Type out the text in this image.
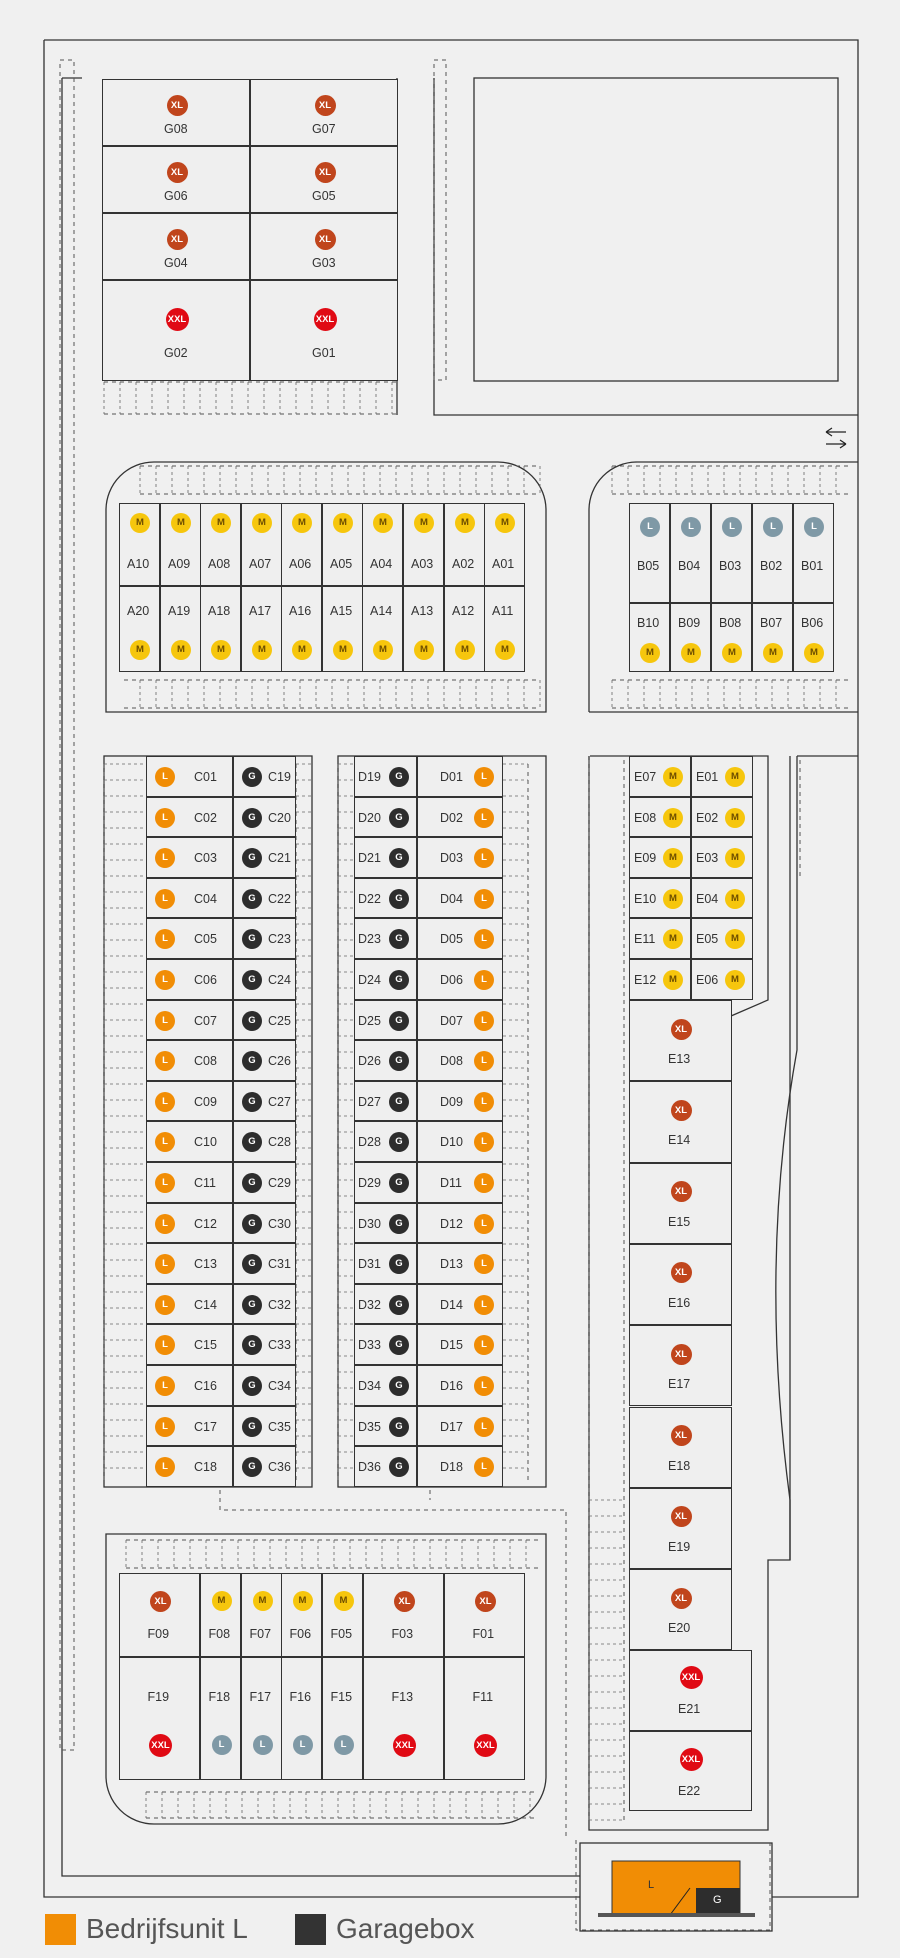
L
G
Bedrijfsunit L	Garagebox
XL
G08
XL
G07
XL
G06
XL
G05
XL
G04
XL
G03
XXL
G02
XXL
G01
M
A10
M
A09
M
A08
M
A07
M
A06
M
A05
M
A04
M
A03
M
A02
M
A01
M
A20
M
A19
M
A18
M
A17
M
A16
M
A15
M
A14
M
A13
M
A12
M
A11
L
B05
L
B04
L
B03
L
B02
L
B01
M
B10
M
B09
M
B08
M
B07
M
B06
L	C01
L	C02
L	C03
L	C04
L	C05
L	C06
L	C07
L	C08
L	C09
L	C10
L	C11
L	C12
L	C13
L	C14
L	C15
L	C16
L	C17
L	C18
G C19
G C20
G C21
G C22
G C23
G C24
G C25
G C26
G C27
G C28
G C29
G C30
G C31
G C32
G C33
G C34
G C35
G C36
G
D19
G
D20
G
D21
G
D22
G
D23
G
D24
G
D25
G
D26
G
D27
G
D28
G
D29
G
D30
G
D31
G
D32
G
D33
G
D34
G
D35
G
D36
L
D01
L
D02
L
D03
L
D04
L
D05
L
D06
L
D07
L
D08
L
D09
L
D10
L
D11
L
D12
L
D13
L
D14
L
D15
L
D16
L
D17
L
D18
M
E07
M
E08
M
E09
M
E10
M
E11
M
E12
M
E01
M
E02
M
E03
M
E04
M
E05
M
E06
XL
E13
XL
E14
XL
E15
XL
E16
XL
E17
XL
E18
XL
E19
XL
E20
XXL
E21
XXL
E22
XL
F09
M
F08
M
F07
M
F06
M
F05
XL
F03
XL
F01
XXL
F19
L
F18
L
F17
L
F16
L
F15
XXL
F13
XXL
F11
